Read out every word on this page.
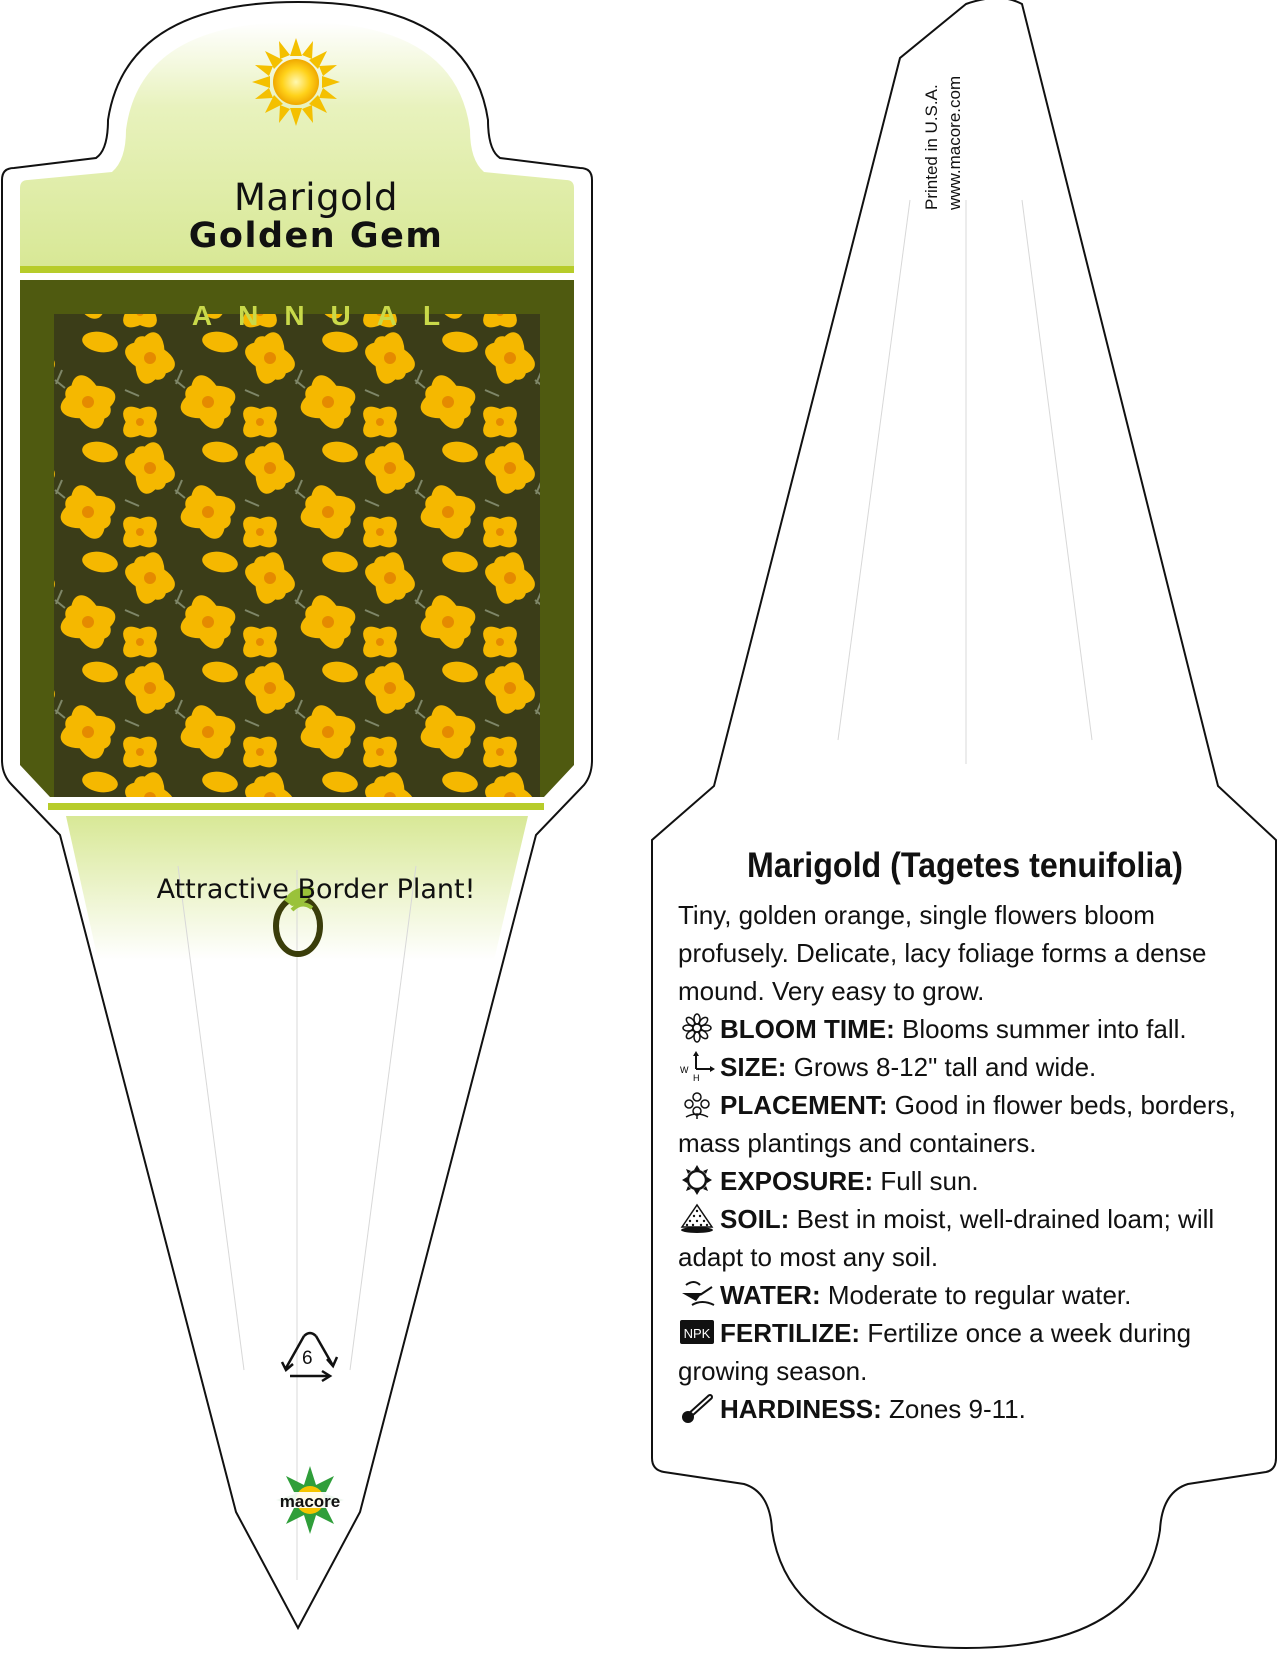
Marigold
Golden Gem
ANNUAL
Attractive Border Plant!
6
macore
Printed in U.S.A. www.macore.com
Marigold (Tagetes tenuifolia)

Tiny, golden orange, single flowers bloom profusely. Delicate, lacy foliage forms a dense mound. Very easy to grow.

BLOOM TIME: Blooms summer into fall.

W
H SIZE: Grows 8-12" tall and wide.

PLACEMENT: Good in flower beds, borders, mass plantings and containers.

EXPOSURE: Full sun.

SOIL: Best in moist, well-drained loam; will adapt to most any soil.

WATER: Moderate to regular water.

NPK FERTILIZE: Fertilize once a week during growing season.

HARDINESS: Zones 9-11.
